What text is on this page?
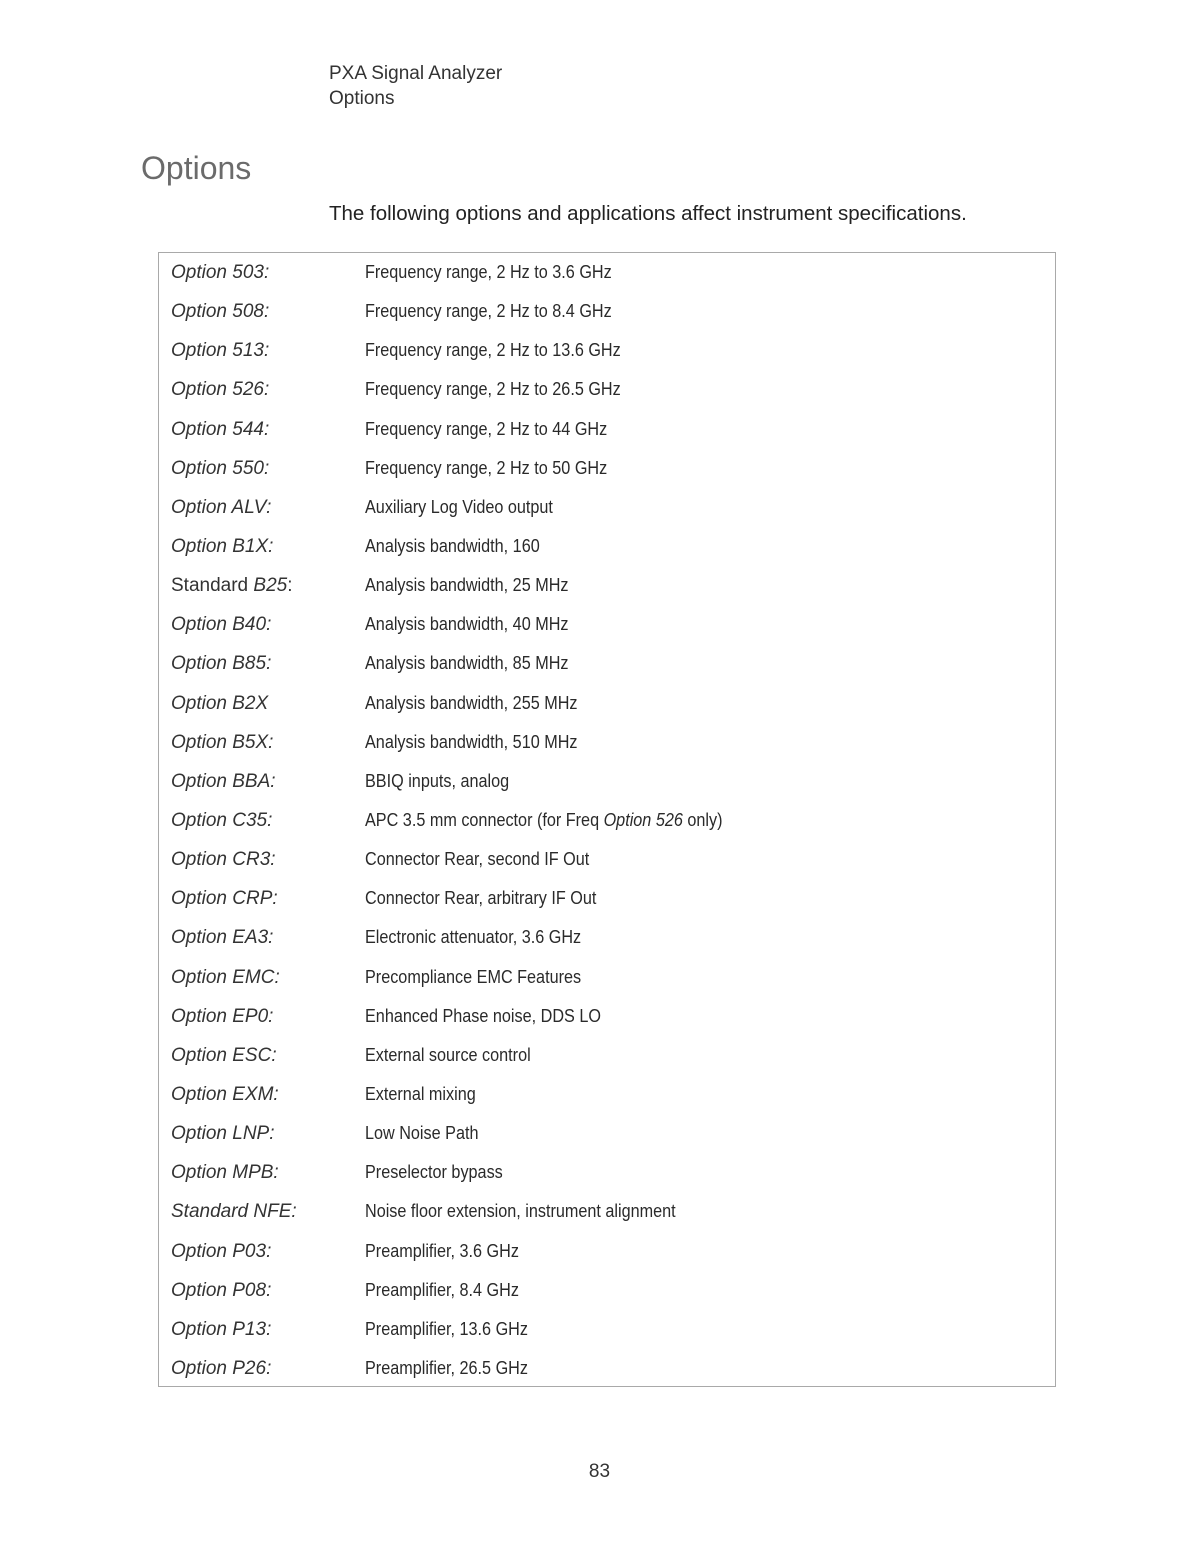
PXA Signal Analyzer
Options
Options
The following options and applications affect instrument specifications.
Option 503:	Frequency range, 2 Hz to 3.6 GHz
Option 508:	Frequency range, 2 Hz to 8.4 GHz
Option 513:	Frequency range, 2 Hz to 13.6 GHz
Option 526:	Frequency range, 2 Hz to 26.5 GHz
Option 544:	Frequency range, 2 Hz to 44 GHz
Option 550:	Frequency range, 2 Hz to 50 GHz
Option ALV:	Auxiliary Log Video output
Option B1X:	Analysis bandwidth, 160
Standard B25:	Analysis bandwidth, 25 MHz
Option B40:	Analysis bandwidth, 40 MHz
Option B85:	Analysis bandwidth, 85 MHz
Option B2X	Analysis bandwidth, 255 MHz
Option B5X:	Analysis bandwidth, 510 MHz
Option BBA:	BBIQ inputs, analog
Option C35:	APC 3.5 mm connector (for Freq Option 526 only)
Option CR3:	Connector Rear, second IF Out
Option CRP:	Connector Rear, arbitrary IF Out
Option EA3:	Electronic attenuator, 3.6 GHz
Option EMC:	Precompliance EMC Features
Option EP0:	Enhanced Phase noise, DDS LO
Option ESC:	External source control
Option EXM:	External mixing
Option LNP:	Low Noise Path
Option MPB:	Preselector bypass
Standard NFE:	Noise floor extension, instrument alignment
Option P03:	Preamplifier, 3.6 GHz
Option P08:	Preamplifier, 8.4 GHz
Option P13:	Preamplifier, 13.6 GHz
Option P26:	Preamplifier, 26.5 GHz
83
